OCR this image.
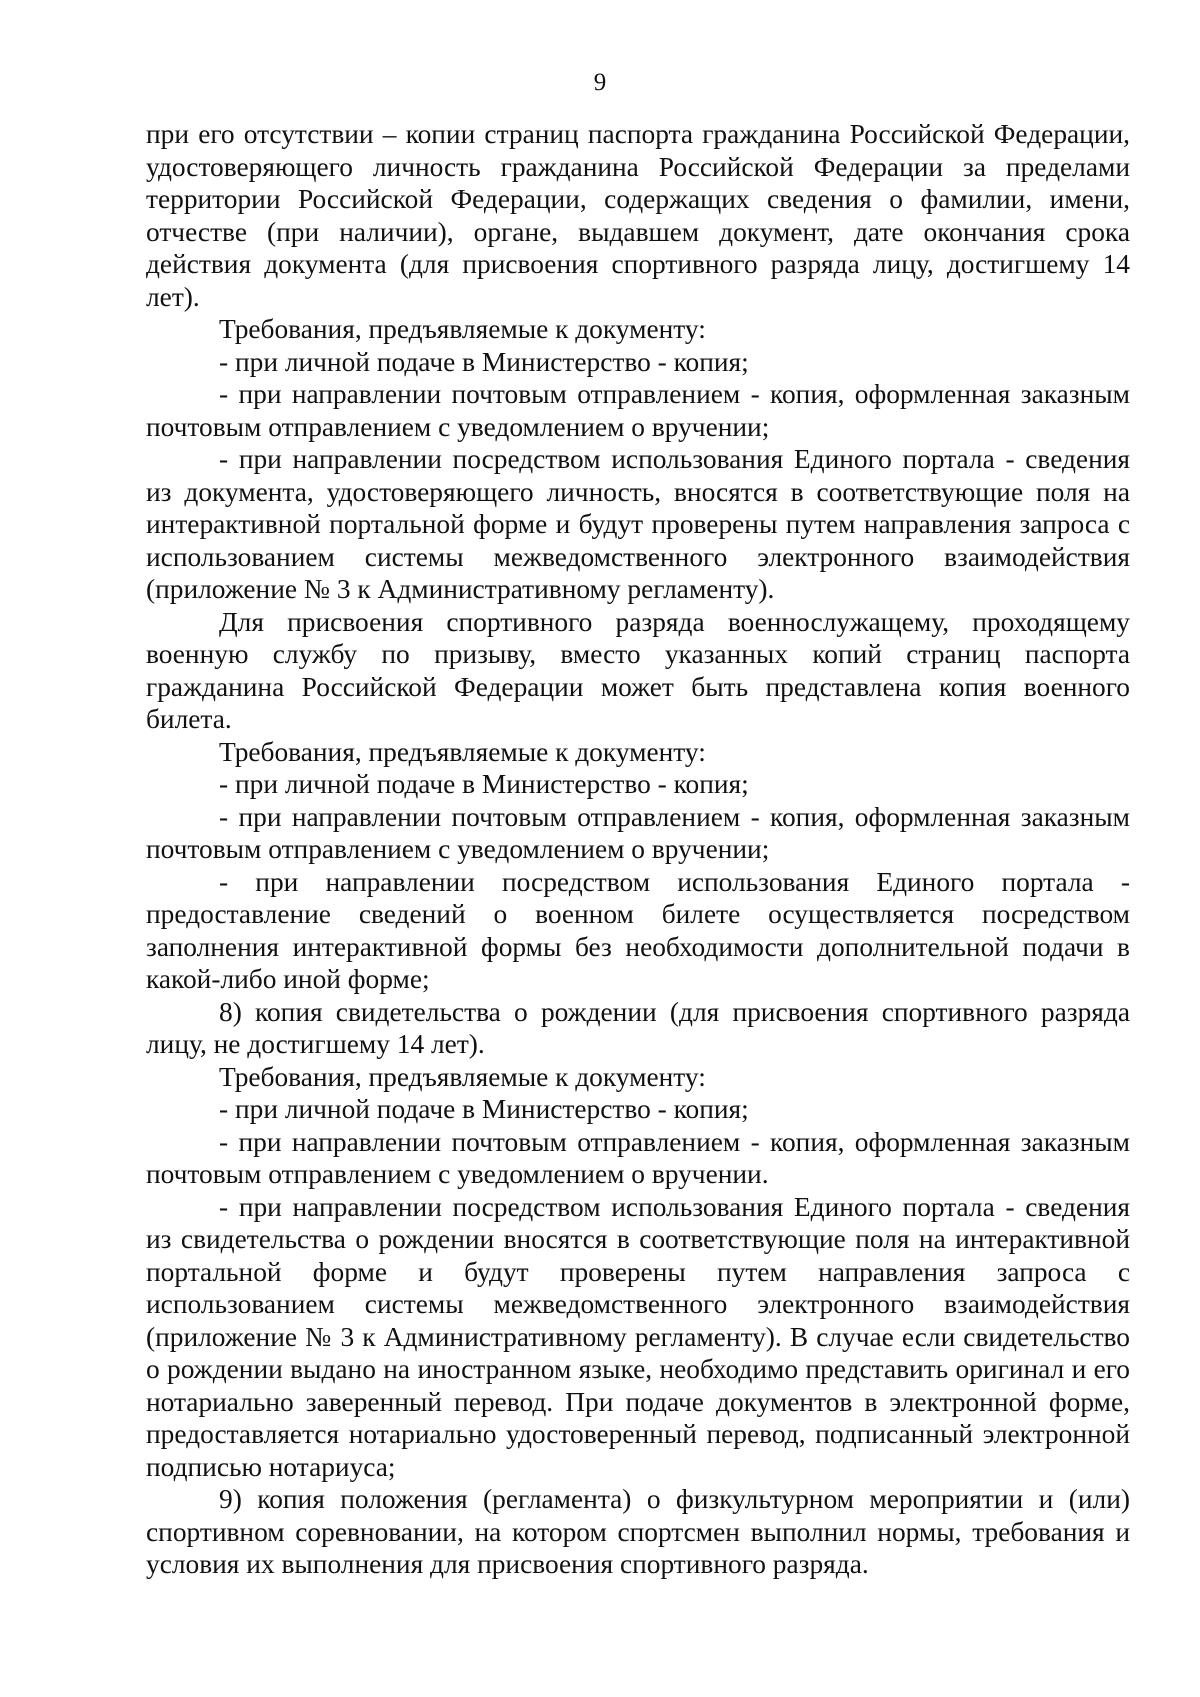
9

при его отсутствии – копии страниц паспорта гражданина Российской Федерации, удостоверяющего личность гражданина Российской Федерации за пределами территории Российской Федерации, содержащих сведения о фамилии, имени, отчестве (при наличии), органе, выдавшем документ, дате окончания срока действия документа (для присвоения спортивного разряда лицу, достигшему 14 лет).

Требования, предъявляемые к документу:

- при личной подаче в Министерство - копия;

- при направлении почтовым отправлением - копия, оформленная заказным почтовым отправлением с уведомлением о вручении;

- при направлении посредством использования Единого портала - сведения из документа, удостоверяющего личность, вносятся в соответствующие поля на интерактивной портальной форме и будут проверены путем направления запроса с использованием системы межведомственного электронного взаимодействия (приложение № 3 к Административному регламенту).

Для присвоения спортивного разряда военнослужащему, проходящему военную службу по призыву, вместо указанных копий страниц паспорта гражданина Российской Федерации может быть представлена копия военного билета.

Требования, предъявляемые к документу:

- при личной подаче в Министерство - копия;

- при направлении почтовым отправлением - копия, оформленная заказным почтовым отправлением с уведомлением о вручении;

- при направлении посредством использования Единого портала - предоставление сведений о военном билете осуществляется посредством заполнения интерактивной формы без необходимости дополнительной подачи в какой-либо иной форме;

8) копия свидетельства о рождении (для присвоения спортивного разряда лицу, не достигшему 14 лет).

Требования, предъявляемые к документу:

- при личной подаче в Министерство - копия;

- при направлении почтовым отправлением - копия, оформленная заказным почтовым отправлением с уведомлением о вручении.

- при направлении посредством использования Единого портала - сведения из свидетельства о рождении вносятся в соответствующие поля на интерактивной портальной форме и будут проверены путем направления запроса с использованием системы межведомственного электронного взаимодействия (приложение № 3 к Административному регламенту). В случае если свидетельство о рождении выдано на иностранном языке, необходимо представить оригинал и его нотариально заверенный перевод. При подаче документов в электронной форме, предоставляется нотариально удостоверенный перевод, подписанный электронной подписью нотариуса;

9) копия положения (регламента) о физкультурном мероприятии и (или) спортивном соревновании, на котором спортсмен выполнил нормы, требования и условия их выполнения для присвоения спортивного разряда.
